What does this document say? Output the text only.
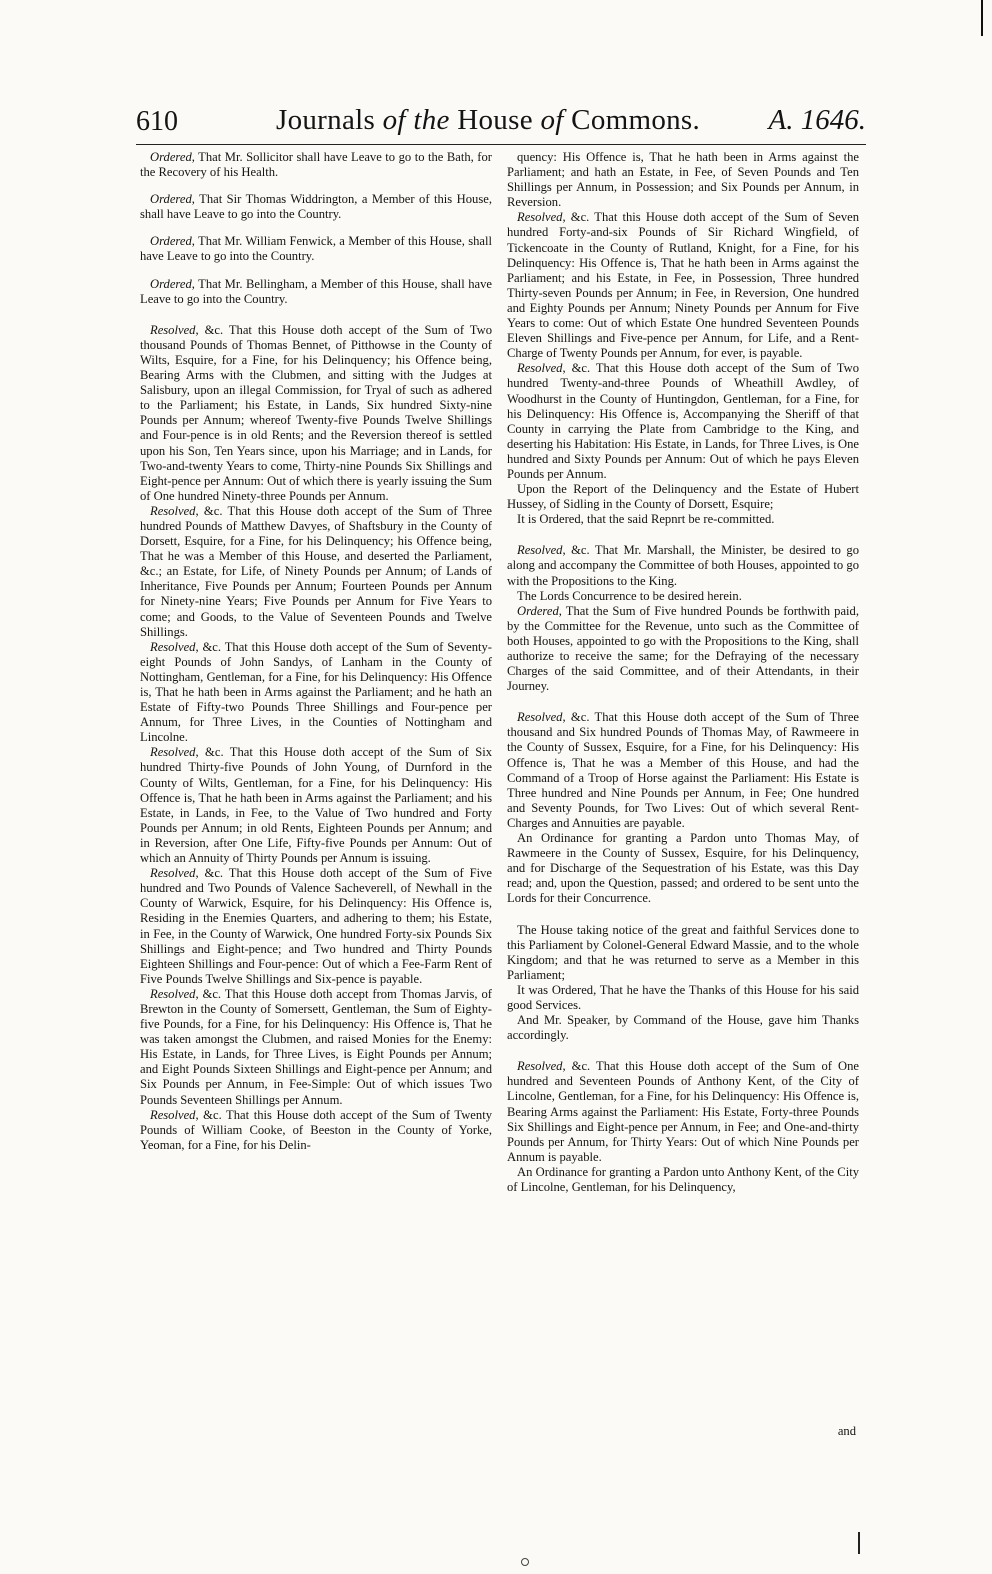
610	Journals of the House of Commons. A. 1646.

Ordered, That Mr. Sollicitor shall have Leave to go to the Bath, for the Recovery of his Health.

Ordered, That Sir Thomas Widdrington, a Member of this House, shall have Leave to go into the Country.

Ordered, That Mr. William Fenwick, a Member of this House, shall have Leave to go into the Country.

Ordered, That Mr. Bellingham, a Member of this House, shall have Leave to go into the Country.

Resolved, &c. That this House doth accept of the Sum of Two thousand Pounds of Thomas Bennet, of Pitthowse in the County of Wilts, Esquire, for a Fine, for his Delinquency; his Offence being, Bearing Arms with the Clubmen, and sitting with the Judges at Salisbury, upon an illegal Commission, for Tryal of such as adhered to the Parliament; his Estate, in Lands, Six hundred Sixty-nine Pounds per Annum; whereof Twenty-five Pounds Twelve Shillings and Four-pence is in old Rents; and the Reversion thereof is settled upon his Son, Ten Years since, upon his Marriage; and in Lands, for Two-and-twenty Years to come, Thirty-nine Pounds Six Shillings and Eight-pence per Annum: Out of which there is yearly issuing the Sum of One hundred Ninety-three Pounds per Annum.

Resolved, &c. That this House doth accept of the Sum of Three hundred Pounds of Matthew Davyes, of Shaftsbury in the County of Dorsett, Esquire, for a Fine, for his Delinquency; his Offence being, That he was a Member of this House, and deserted the Parliament, &c.; an Estate, for Life, of Ninety Pounds per Annum; of Lands of Inheritance, Five Pounds per Annum; Fourteen Pounds per Annum for Ninety-nine Years; Five Pounds per Annum for Five Years to come; and Goods, to the Value of Seventeen Pounds and Twelve Shillings.

Resolved, &c. That this House doth accept of the Sum of Seventy-eight Pounds of John Sandys, of Lanham in the County of Nottingham, Gentleman, for a Fine, for his Delinquency: His Offence is, That he hath been in Arms against the Parliament; and he hath an Estate of Fifty-two Pounds Three Shillings and Four-pence per Annum, for Three Lives, in the Counties of Nottingham and Lincolne.

Resolved, &c. That this House doth accept of the Sum of Six hundred Thirty-five Pounds of John Young, of Durnford in the County of Wilts, Gentleman, for a Fine, for his Delinquency: His Offence is, That he hath been in Arms against the Parliament; and his Estate, in Lands, in Fee, to the Value of Two hundred and Forty Pounds per Annum; in old Rents, Eighteen Pounds per Annum; and in Reversion, after One Life, Fifty-five Pounds per Annum: Out of which an Annuity of Thirty Pounds per Annum is issuing.

Resolved, &c. That this House doth accept of the Sum of Five hundred and Two Pounds of Valence Sacheverell, of Newhall in the County of Warwick, Esquire, for his Delinquency: His Offence is, Residing in the Enemies Quarters, and adhering to them; his Estate, in Fee, in the County of Warwick, One hundred Forty-six Pounds Six Shillings and Eight-pence; and Two hundred and Thirty Pounds Eighteen Shillings and Four-pence: Out of which a Fee-Farm Rent of Five Pounds Twelve Shillings and Six-pence is payable.

Resolved, &c. That this House doth accept from Thomas Jarvis, of Brewton in the County of Somersett, Gentleman, the Sum of Eighty-five Pounds, for a Fine, for his Delinquency: His Offence is, That he was taken amongst the Clubmen, and raised Monies for the Enemy: His Estate, in Lands, for Three Lives, is Eight Pounds per Annum; and Eight Pounds Sixteen Shillings and Eight-pence per Annum; and Six Pounds per Annum, in Fee-Simple: Out of which issues Two Pounds Seventeen Shillings per Annum.

Resolved, &c. That this House doth accept of the Sum of Twenty Pounds of William Cooke, of Beeston in the County of Yorke, Yeoman, for a Fine, for his Delin-

quency: His Offence is, That he hath been in Arms against the Parliament; and hath an Estate, in Fee, of Seven Pounds and Ten Shillings per Annum, in Possession; and Six Pounds per Annum, in Reversion.

Resolved, &c. That this House doth accept of the Sum of Seven hundred Forty-and-six Pounds of Sir Richard Wingfield, of Tickencoate in the County of Rutland, Knight, for a Fine, for his Delinquency: His Offence is, That he hath been in Arms against the Parliament; and his Estate, in Fee, in Possession, Three hundred Thirty-seven Pounds per Annum; in Fee, in Reversion, One hundred and Eighty Pounds per Annum; Ninety Pounds per Annum for Five Years to come: Out of which Estate One hundred Seventeen Pounds Eleven Shillings and Five-pence per Annum, for Life, and a Rent-Charge of Twenty Pounds per Annum, for ever, is payable.

Resolved, &c. That this House doth accept of the Sum of Two hundred Twenty-and-three Pounds of Wheathill Awdley, of Woodhurst in the County of Huntingdon, Gentleman, for a Fine, for his Delinquency: His Offence is, Accompanying the Sheriff of that County in carrying the Plate from Cambridge to the King, and deserting his Habitation: His Estate, in Lands, for Three Lives, is One hundred and Sixty Pounds per Annum: Out of which he pays Eleven Pounds per Annum.

Upon the Report of the Delinquency and the Estate of Hubert Hussey, of Sidling in the County of Dorsett, Esquire;

It is Ordered, that the said Repnrt be re-committed.

Resolved, &c. That Mr. Marshall, the Minister, be desired to go along and accompany the Committee of both Houses, appointed to go with the Propositions to the King.

The Lords Concurrence to be desired herein.

Ordered, That the Sum of Five hundred Pounds be forthwith paid, by the Committee for the Revenue, unto such as the Committee of both Houses, appointed to go with the Propositions to the King, shall authorize to receive the same; for the Defraying of the necessary Charges of the said Committee, and of their Attendants, in their Journey.

Resolved, &c. That this House doth accept of the Sum of Three thousand and Six hundred Pounds of Thomas May, of Rawmeere in the County of Sussex, Esquire, for a Fine, for his Delinquency: His Offence is, That he was a Member of this House, and had the Command of a Troop of Horse against the Parliament: His Estate is Three hundred and Nine Pounds per Annum, in Fee; One hundred and Seventy Pounds, for Two Lives: Out of which several Rent-Charges and Annuities are payable.

An Ordinance for granting a Pardon unto Thomas May, of Rawmeere in the County of Sussex, Esquire, for his Delinquency, and for Discharge of the Sequestration of his Estate, was this Day read; and, upon the Question, passed; and ordered to be sent unto the Lords for their Concurrence.

The House taking notice of the great and faithful Services done to this Parliament by Colonel-General Edward Massie, and to the whole Kingdom; and that he was returned to serve as a Member in this Parliament;

It was Ordered, That he have the Thanks of this House for his said good Services.

And Mr. Speaker, by Command of the House, gave him Thanks accordingly.

Resolved, &c. That this House doth accept of the Sum of One hundred and Seventeen Pounds of Anthony Kent, of the City of Lincolne, Gentleman, for a Fine, for his Delinquency: His Offence is, Bearing Arms against the Parliament: His Estate, Forty-three Pounds Six Shillings and Eight-pence per Annum, in Fee; and One-and-thirty Pounds per Annum, for Thirty Years: Out of which Nine Pounds per Annum is payable.

An Ordinance for granting a Pardon unto Anthony Kent, of the City of Lincolne, Gentleman, for his Delinquency,

and
